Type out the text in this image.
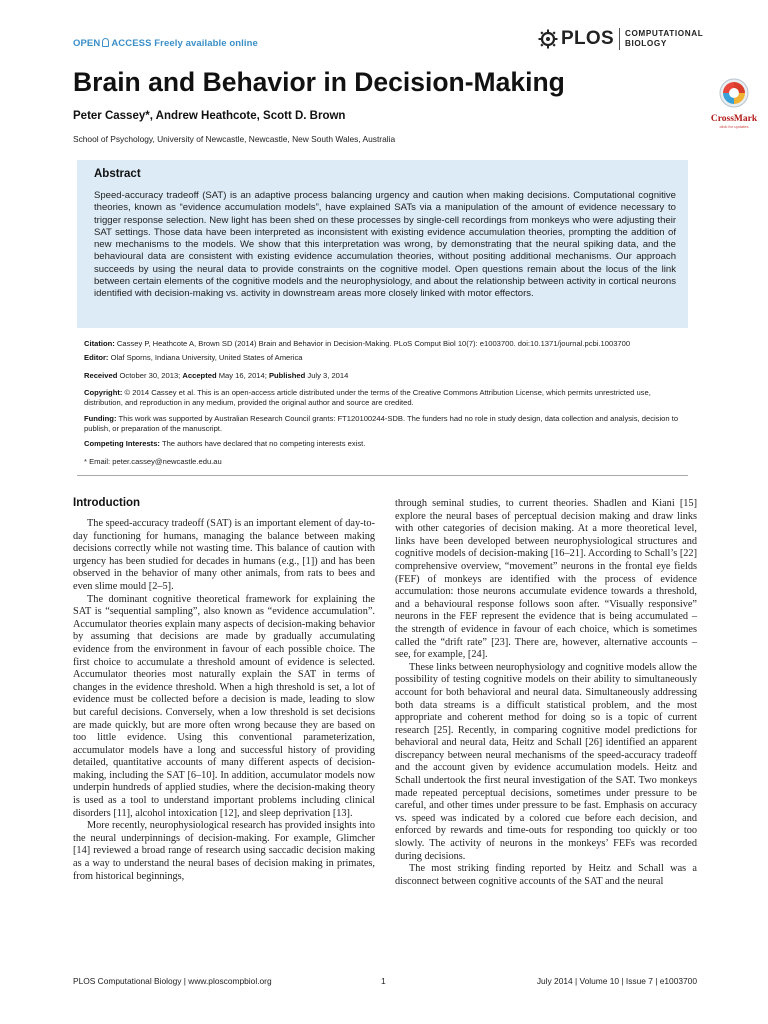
OPEN ACCESS Freely available online	PLOS COMPUTATIONAL
BIOLOGY
Brain and Behavior in Decision-Making
Peter Cassey*, Andrew Heathcote, Scott D. Brown
School of Psychology, University of Newcastle, Newcastle, New South Wales, Australia
CrossMark
click for updates
Abstract
Speed-accuracy tradeoff (SAT) is an adaptive process balancing urgency and caution when making decisions. Computational cognitive theories, known as “evidence accumulation models”, have explained SATs via a manipulation of the amount of evidence necessary to trigger response selection. New light has been shed on these processes by single-cell recordings from monkeys who were adjusting their SAT settings. Those data have been interpreted as inconsistent with existing evidence accumulation theories, prompting the addition of new mechanisms to the models. We show that this interpretation was wrong, by demonstrating that the neural spiking data, and the behavioural data are consistent with existing evidence accumulation theories, without positing additional mechanisms. Our approach succeeds by using the neural data to provide constraints on the cognitive model. Open questions remain about the locus of the link between certain elements of the cognitive models and the neurophysiology, and about the relationship between activity in cortical neurons identified with decision-making vs. activity in downstream areas more closely linked with motor effectors.
Citation: Cassey P, Heathcote A, Brown SD (2014) Brain and Behavior in Decision-Making. PLoS Comput Biol 10(7): e1003700. doi:10.1371/journal.pcbi.1003700
Editor: Olaf Sporns, Indiana University, United States of America
Received October 30, 2013; Accepted May 16, 2014; Published July 3, 2014
Copyright: © 2014 Cassey et al. This is an open-access article distributed under the terms of the Creative Commons Attribution License, which permits unrestricted use, distribution, and reproduction in any medium, provided the original author and source are credited.
Funding: This work was supported by Australian Research Council grants: FT120100244-SDB. The funders had no role in study design, data collection and analysis, decision to publish, or preparation of the manuscript.
Competing Interests: The authors have declared that no competing interests exist.
* Email: peter.cassey@newcastle.edu.au
Introduction

The speed-accuracy tradeoff (SAT) is an important element of day-to-day functioning for humans, managing the balance between making decisions correctly while not wasting time. This balance of caution with urgency has been studied for decades in humans (e.g., [1]) and has been observed in the behavior of many other animals, from rats to bees and even slime mould [2–5].

The dominant cognitive theoretical framework for explaining the SAT is “sequential sampling”, also known as “evidence accumulation”. Accumulator theories explain many aspects of decision-making behavior by assuming that decisions are made by gradually accumulating evidence from the environment in favour of each possible choice. The first choice to accumulate a threshold amount of evidence is selected. Accumulator theories most naturally explain the SAT in terms of changes in the evidence threshold. When a high threshold is set, a lot of evidence must be collected before a decision is made, leading to slow but careful decisions. Conversely, when a low threshold is set decisions are made quickly, but are more often wrong because they are based on too little evidence. Using this conventional parameterization, accumulator models have a long and successful history of providing detailed, quantitative accounts of many different aspects of decision-making, including the SAT [6–10]. In addition, accumulator models now underpin hundreds of applied studies, where the decision-making theory is used as a tool to understand important problems including clinical disorders [11], alcohol intoxication [12], and sleep deprivation [13].

More recently, neurophysiological research has provided insights into the neural underpinnings of decision-making. For example, Glimcher [14] reviewed a broad range of research using saccadic decision making as a way to understand the neural bases of decision making in primates, from historical beginnings,

through seminal studies, to current theories. Shadlen and Kiani [15] explore the neural bases of perceptual decision making and draw links with other categories of decision making. At a more theoretical level, links have been developed between neurophysiological structures and cognitive models of decision-making [16–21]. According to Schall’s [22] comprehensive overview, “movement” neurons in the frontal eye fields (FEF) of monkeys are identified with the process of evidence accumulation: those neurons accumulate evidence towards a threshold, and a behavioural response follows soon after. “Visually responsive” neurons in the FEF represent the evidence that is being accumulated – the strength of evidence in favour of each choice, which is sometimes called the “drift rate” [23]. There are, however, alternative accounts – see, for example, [24].

These links between neurophysiology and cognitive models allow the possibility of testing cognitive models on their ability to simultaneously account for both behavioral and neural data. Simultaneously addressing both data streams is a difficult statistical problem, and the most appropriate and coherent method for doing so is a topic of current research [25]. Recently, in comparing cognitive model predictions for behavioral and neural data, Heitz and Schall [26] identified an apparent discrepancy between neural mechanisms of the speed-accuracy tradeoff and the account given by evidence accumulation models. Heitz and Schall undertook the first neural investigation of the SAT. Two monkeys made repeated perceptual decisions, sometimes under pressure to be careful, and other times under pressure to be fast. Emphasis on accuracy vs. speed was indicated by a colored cue before each decision, and enforced by rewards and time-outs for responding too quickly or too slowly. The activity of neurons in the monkeys’ FEFs was recorded during decisions.

The most striking finding reported by Heitz and Schall was a disconnect between cognitive accounts of the SAT and the neural

PLOS Computational Biology | www.ploscompbiol.org	1	July 2014 | Volume 10 | Issue 7 | e1003700
